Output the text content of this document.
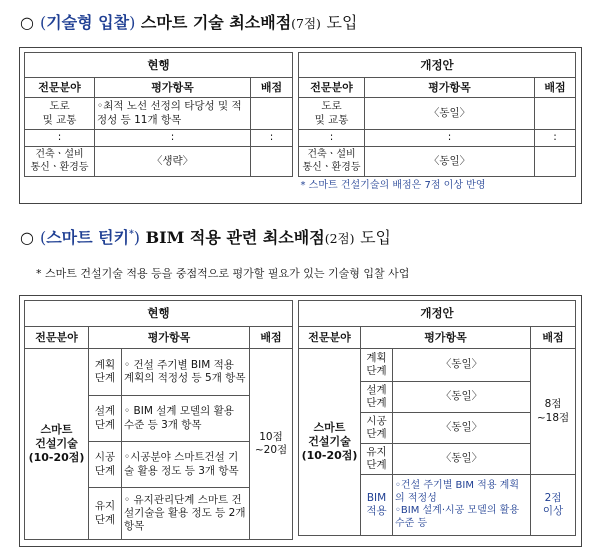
○ (기술형 입찰) 스마트 기술 최소배점(7점) 도입
현행		
전문분야	평가항목	배점
도로
및 교통	◦최적 노선 선정의 타당성 및 적정성 등 11개 항목	
:	:	:
건축ㆍ설비
통신ㆍ환경등	〈생략〉	
개정안		
전문분야	평가항목	배점
도로
및 교통	〈동일〉	
:	:	:
건축ㆍ설비
통신ㆍ환경등	〈동일〉	
* 스마트 건설기술의 배점은 7점 이상 반영		
○ (스마트 턴키*) BIM 적용 관련 최소배점(2점) 도입
* 스마트 건설기술 적용 등을 중점적으로 평가할 필요가 있는 기술형 입찰 사업
현행			
전문분야	평가항목		배점
스마트
건설기술
(10-20점)	계획
단계	◦ 건설 주기별 BIM 적용 계획의 적정성 등 5개 항목	10점
~20점
	설계
단계	◦ BIM 설계 모델의 활용 수준 등 3개 항목	
	시공
단계	◦시공분야 스마트건설 기술 활용 정도 등 3개 항목	
	유지
단계	◦ 유지관리단계 스마트 건설기술을 활용 정도 등 2개 항목	
개정안			
전문분야	평가항목		배점
스마트
건설기술
(10-20점)	계획
단계	〈동일〉	8점
~18점
	설계
단계	〈동일〉	
	시공
단계	〈동일〉	
	유지
단계	〈동일〉	
	BIM
적용	◦건설 주기별 BIM 적용 계획의 적정성
◦BIM 설계·시공 모델의 활용 수준 등	2점
이상
